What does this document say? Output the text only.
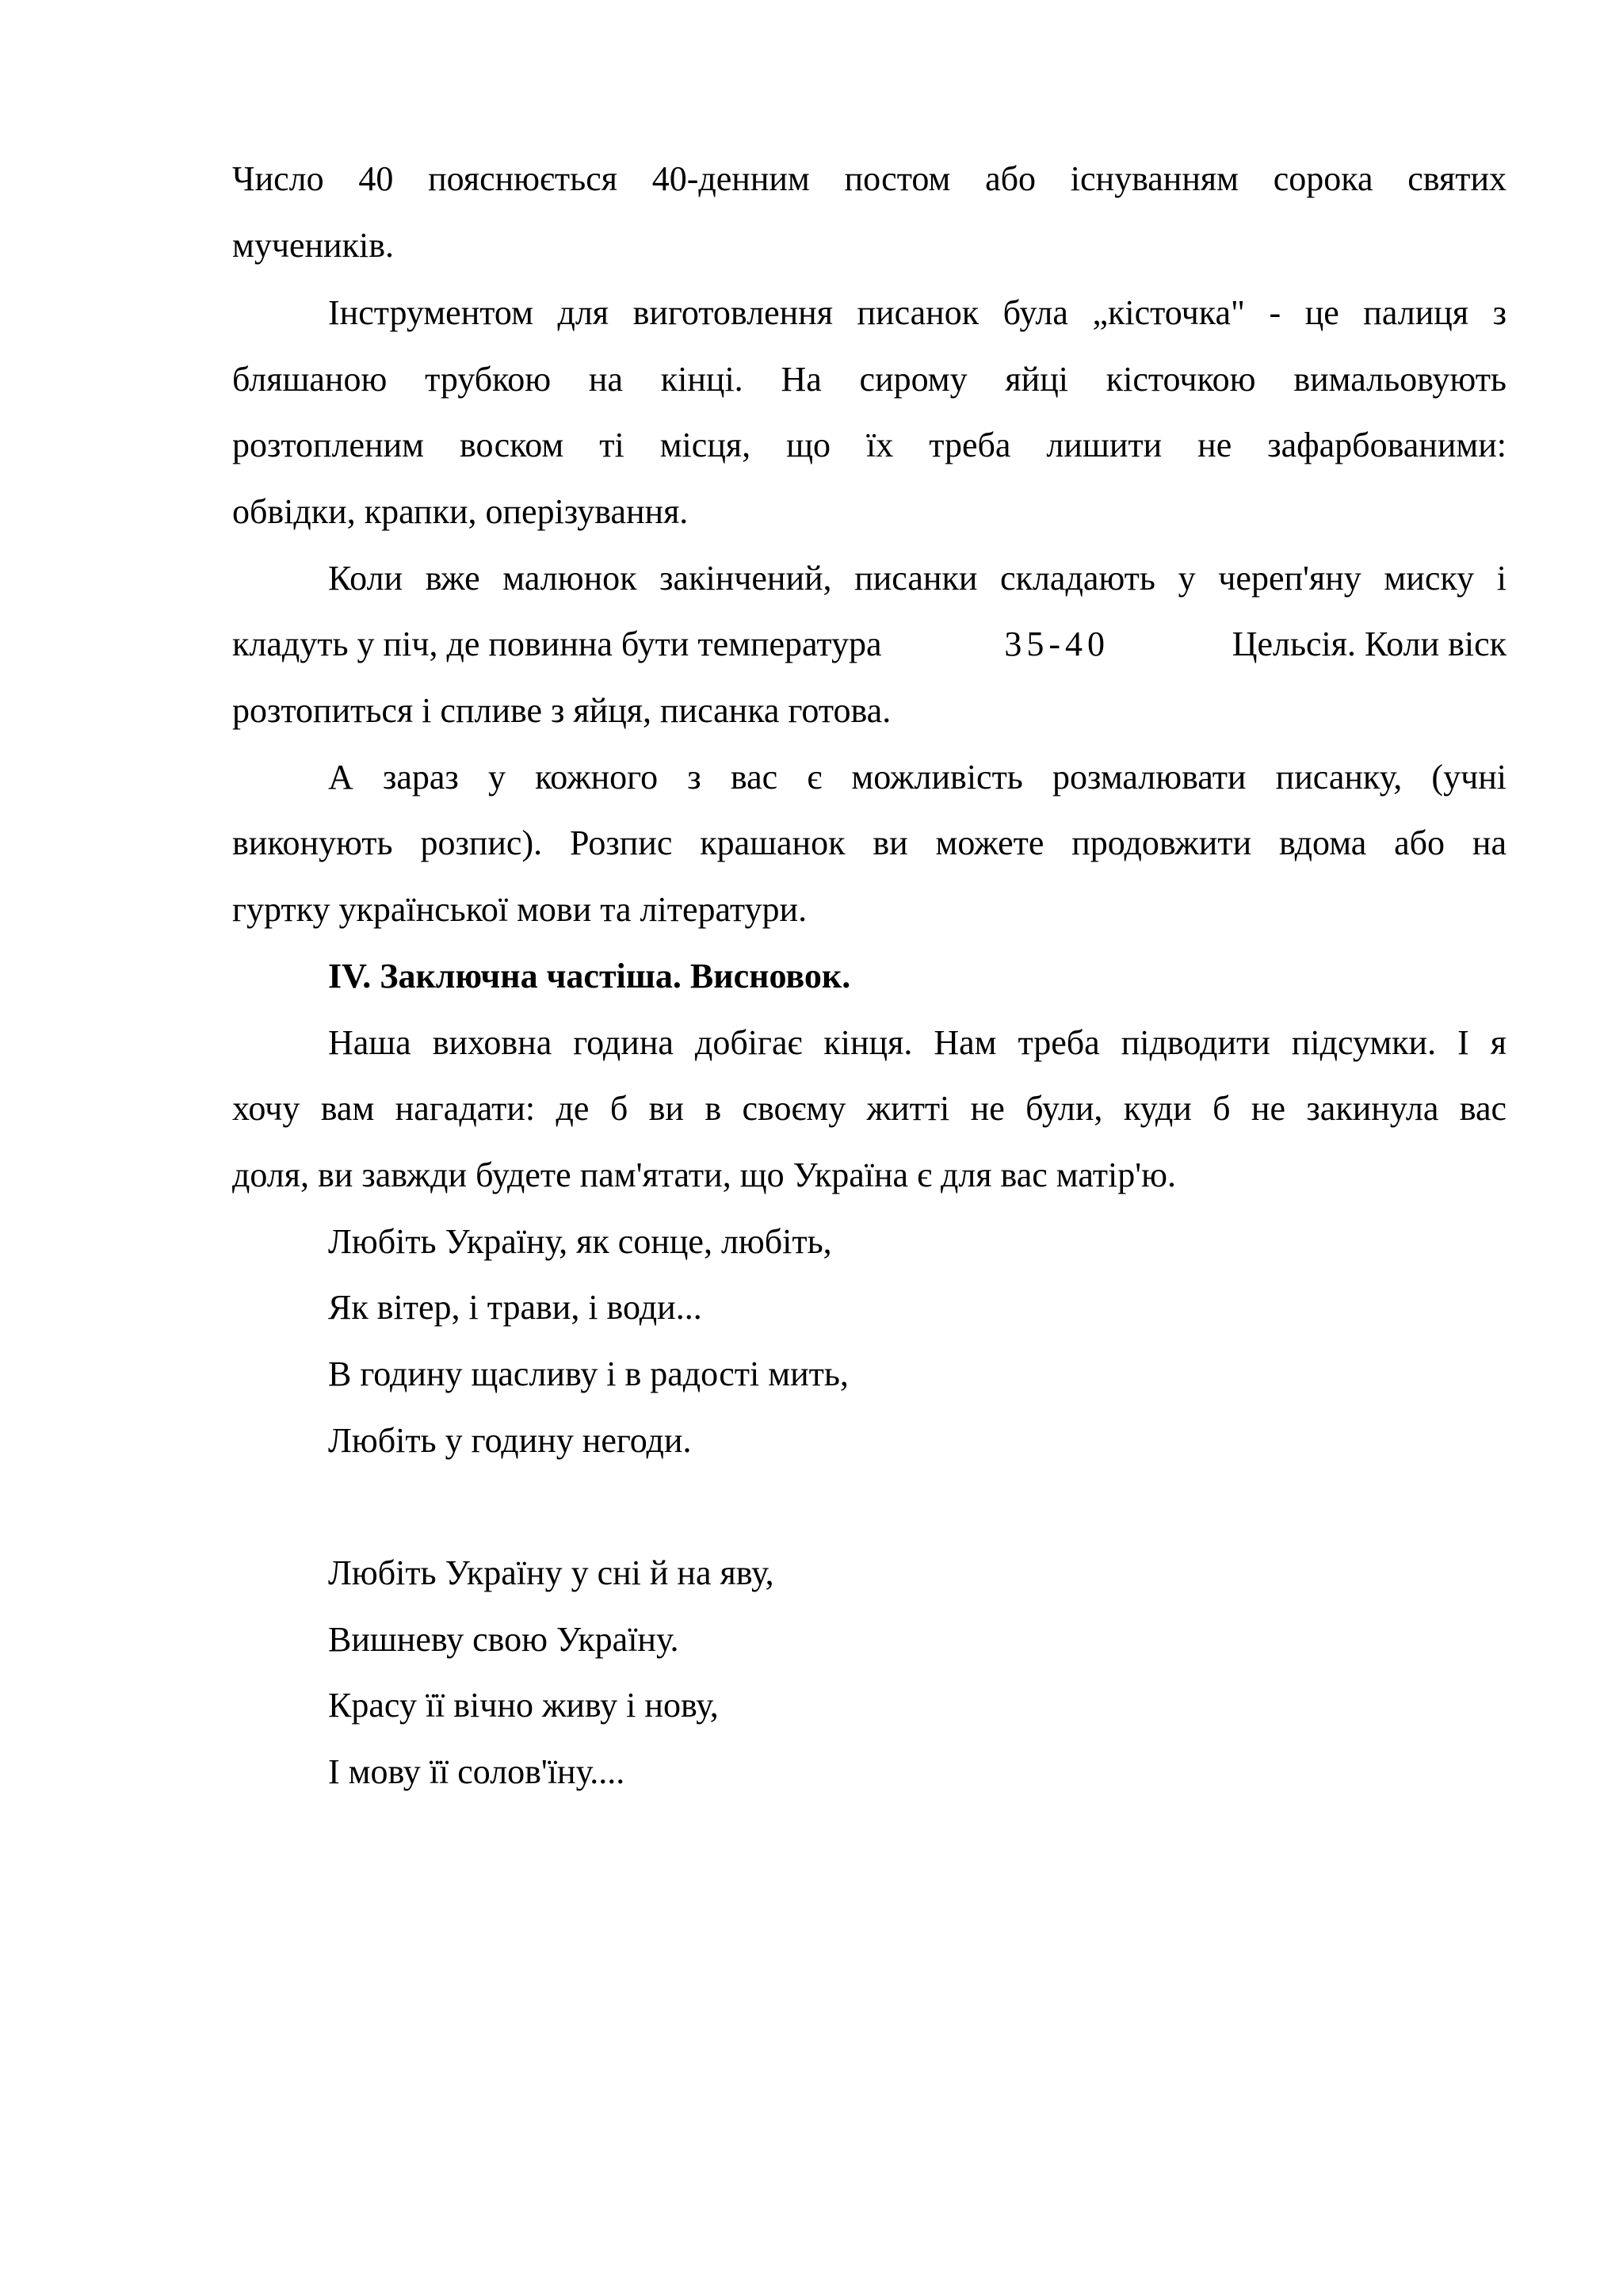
Число 40 пояснюється 40-денним постом або існуванням сорока святих
мучеників.
Інструментом для виготовлення писанок була „кісточка" - це палиця з
бляшаною трубкою на кінці. На сирому яйці кісточкою вимальовують
розтопленим воском ті місця, що їх треба лишити не зафарбованими:
обвідки, крапки, оперізування.
Коли вже малюнок закінчений, писанки складають у череп'яну миску і
кладуть у піч, де повинна бути температура	35-40	Цельсія. Коли віск
розтопиться і спливе з яйця, писанка готова.
А зараз у кожного з вас є можливість розмалювати писанку, (учні
виконують розпис). Розпис крашанок ви можете продовжити вдома або на
гуртку української мови та літератури.
IV. Заключна частіша. Висновок.
Наша виховна година добігає кінця. Нам треба підводити підсумки. І я
хочу вам нагадати: де б ви в своєму житті не були, куди б не закинула вас
доля, ви завжди будете пам'ятати, що Україна є для вас матір'ю.
Любіть Україну, як сонце, любіть,
Як вітер, і трави, і води...
В годину щасливу і в радості мить,
Любіть у годину негоди.
Любіть Україну у сні й на яву,
Вишневу свою Україну.
Красу її вічно живу і нову,
І мову її солов'їну....
